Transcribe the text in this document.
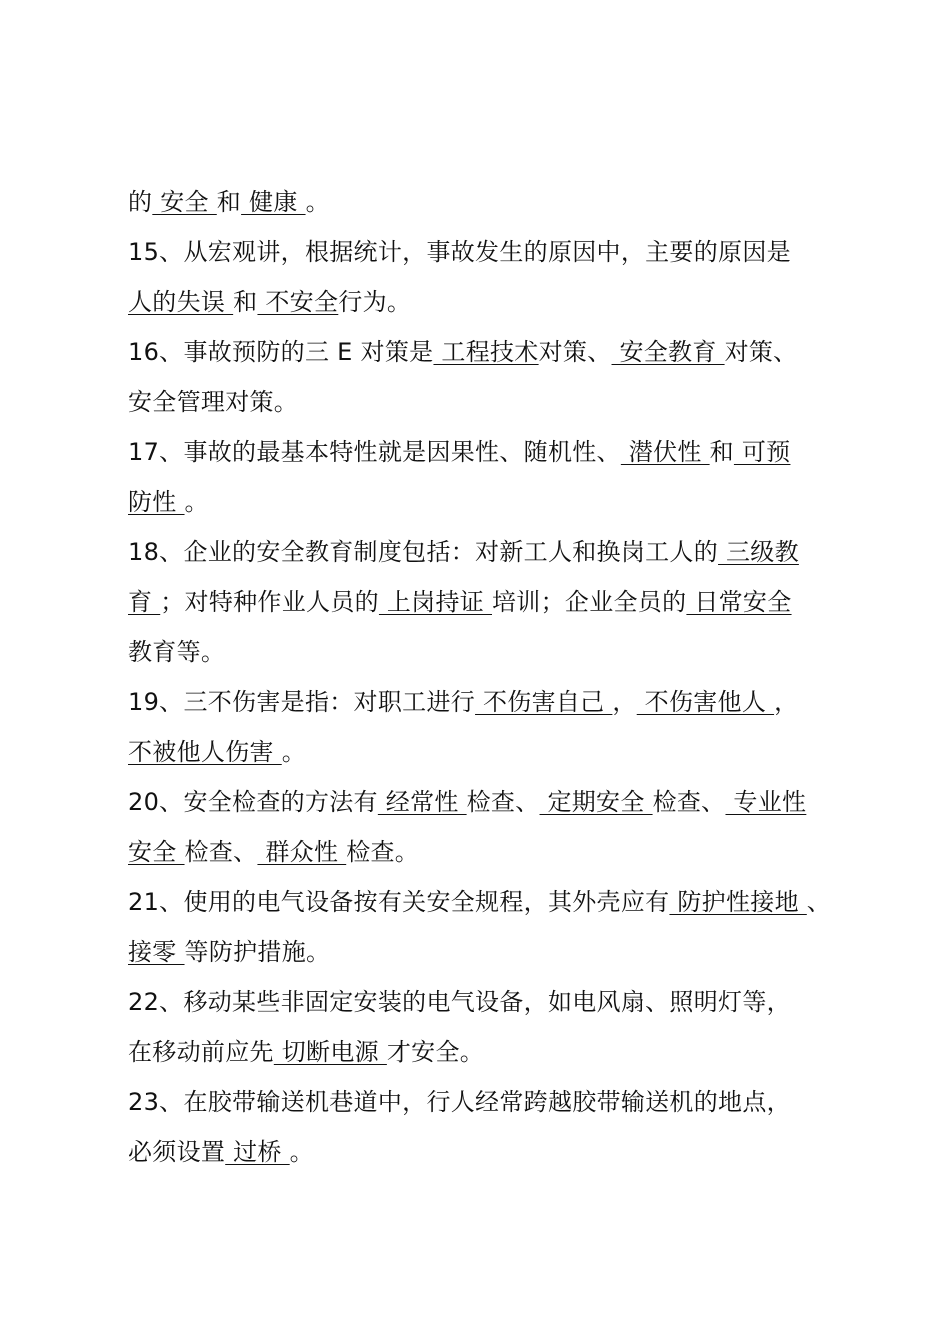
的 安全 和 健康 。
15、从宏观讲，根据统计，事故发生的原因中，主要的原因是
人的失误 和 不安全行为。
16、事故预防的三 E 对策是 工程技术对策、 安全教育 对策、
安全管理对策。
17、事故的最基本特性就是因果性、随机性、 潜伏性 和 可预
防性 。
18、企业的安全教育制度包括：对新工人和换岗工人的 三级教
育 ；对特种作业人员的 上岗持证 培训；企业全员的 日常安全
教育等。
19、三不伤害是指：对职工进行 不伤害自己 ， 不伤害他人 ，
不被他人伤害 。
20、安全检查的方法有 经常性 检查、 定期安全 检查、 专业性
安全 检查、 群众性 检查。
21、使用的电气设备按有关安全规程，其外壳应有 防护性接地 、
接零 等防护措施。
22、移动某些非固定安装的电气设备，如电风扇、照明灯等，
在移动前应先 切断电源 才安全。
23、在胶带输送机巷道中，行人经常跨越胶带输送机的地点，
必须设置 过桥 。
